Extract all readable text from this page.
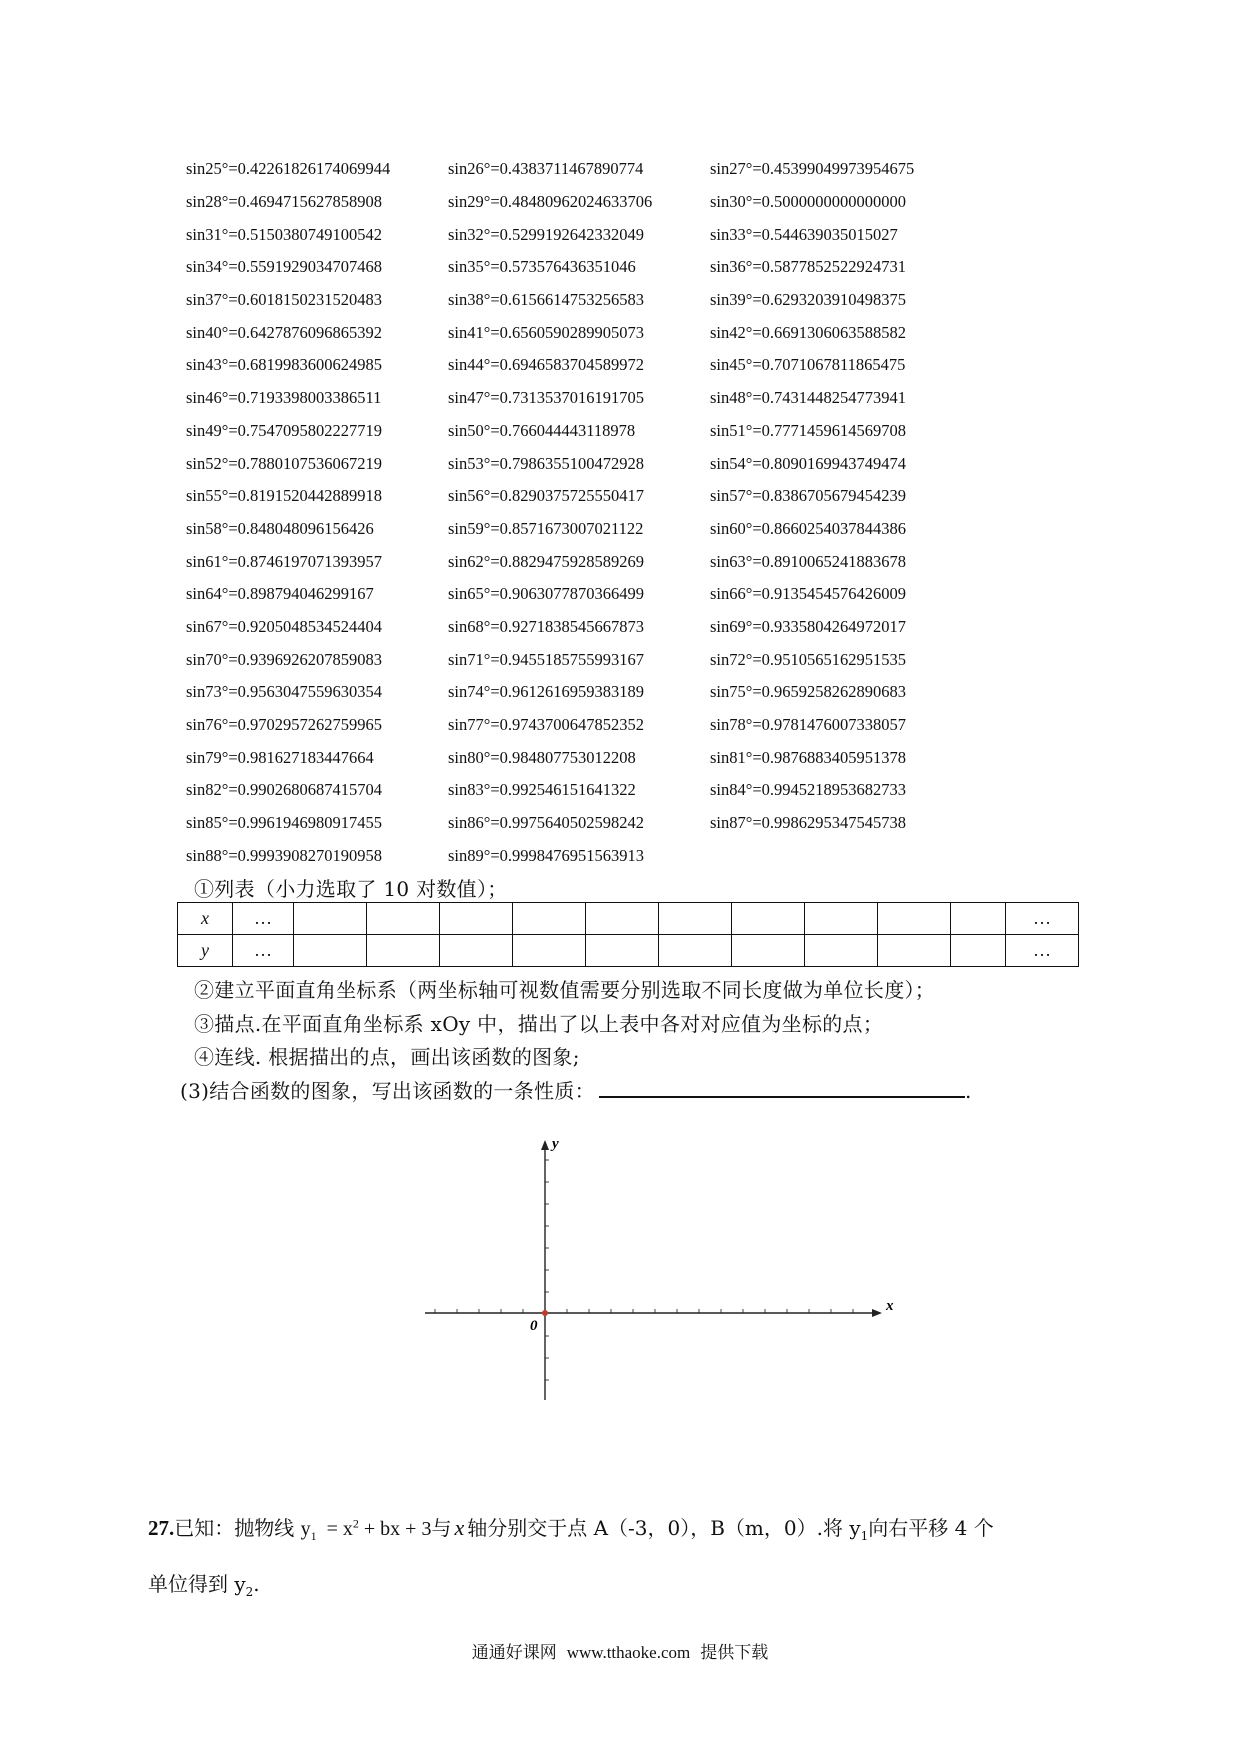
sin25°=0.42261826174069944	sin26°=0.4383711467890774	sin27°=0.45399049973954675
sin28°=0.4694715627858908	sin29°=0.48480962024633706	sin30°=0.5000000000000000
sin31°=0.5150380749100542	sin32°=0.5299192642332049	sin33°=0.544639035015027
sin34°=0.5591929034707468	sin35°=0.573576436351046	sin36°=0.5877852522924731
sin37°=0.6018150231520483	sin38°=0.6156614753256583	sin39°=0.6293203910498375
sin40°=0.6427876096865392	sin41°=0.6560590289905073	sin42°=0.6691306063588582
sin43°=0.6819983600624985	sin44°=0.6946583704589972	sin45°=0.7071067811865475
sin46°=0.7193398003386511	sin47°=0.7313537016191705	sin48°=0.7431448254773941
sin49°=0.7547095802227719	sin50°=0.766044443118978	sin51°=0.7771459614569708
sin52°=0.7880107536067219	sin53°=0.7986355100472928	sin54°=0.8090169943749474
sin55°=0.8191520442889918	sin56°=0.8290375725550417	sin57°=0.8386705679454239
sin58°=0.848048096156426	sin59°=0.8571673007021122	sin60°=0.8660254037844386
sin61°=0.8746197071393957	sin62°=0.8829475928589269	sin63°=0.8910065241883678
sin64°=0.898794046299167	sin65°=0.9063077870366499	sin66°=0.9135454576426009
sin67°=0.9205048534524404	sin68°=0.9271838545667873	sin69°=0.9335804264972017
sin70°=0.9396926207859083	sin71°=0.9455185755993167	sin72°=0.9510565162951535
sin73°=0.9563047559630354	sin74°=0.9612616959383189	sin75°=0.9659258262890683
sin76°=0.9702957262759965	sin77°=0.9743700647852352	sin78°=0.9781476007338057
sin79°=0.981627183447664	sin80°=0.984807753012208	sin81°=0.9876883405951378
sin82°=0.9902680687415704	sin83°=0.992546151641322	sin84°=0.9945218953682733
sin85°=0.9961946980917455	sin86°=0.9975640502598242	sin87°=0.9986295347545738
sin88°=0.9993908270190958	sin89°=0.9998476951563913
①列表（小力选取了 10 对数值）；
x	…											…
y	…											…
②建立平面直角坐标系（两坐标轴可视数值需要分别选取不同长度做为单位长度）；
③描点.在平面直角坐标系 xOy 中，描出了以上表中各对对应值为坐标的点；
④连线. 根据描出的点，画出该函数的图象;
(3)结合函数的图象，写出该函数的一条性质：	.
x
y
0
27.已知：抛物线 $y_1 = x^2$ + bx + 3与 x 轴分别交于点 A（-3，0），B（m，0）.将 $y_1$向右平移 4 个
单位得到 $y_2$.
通通好课网 www.tthaoke.com 提供下载
